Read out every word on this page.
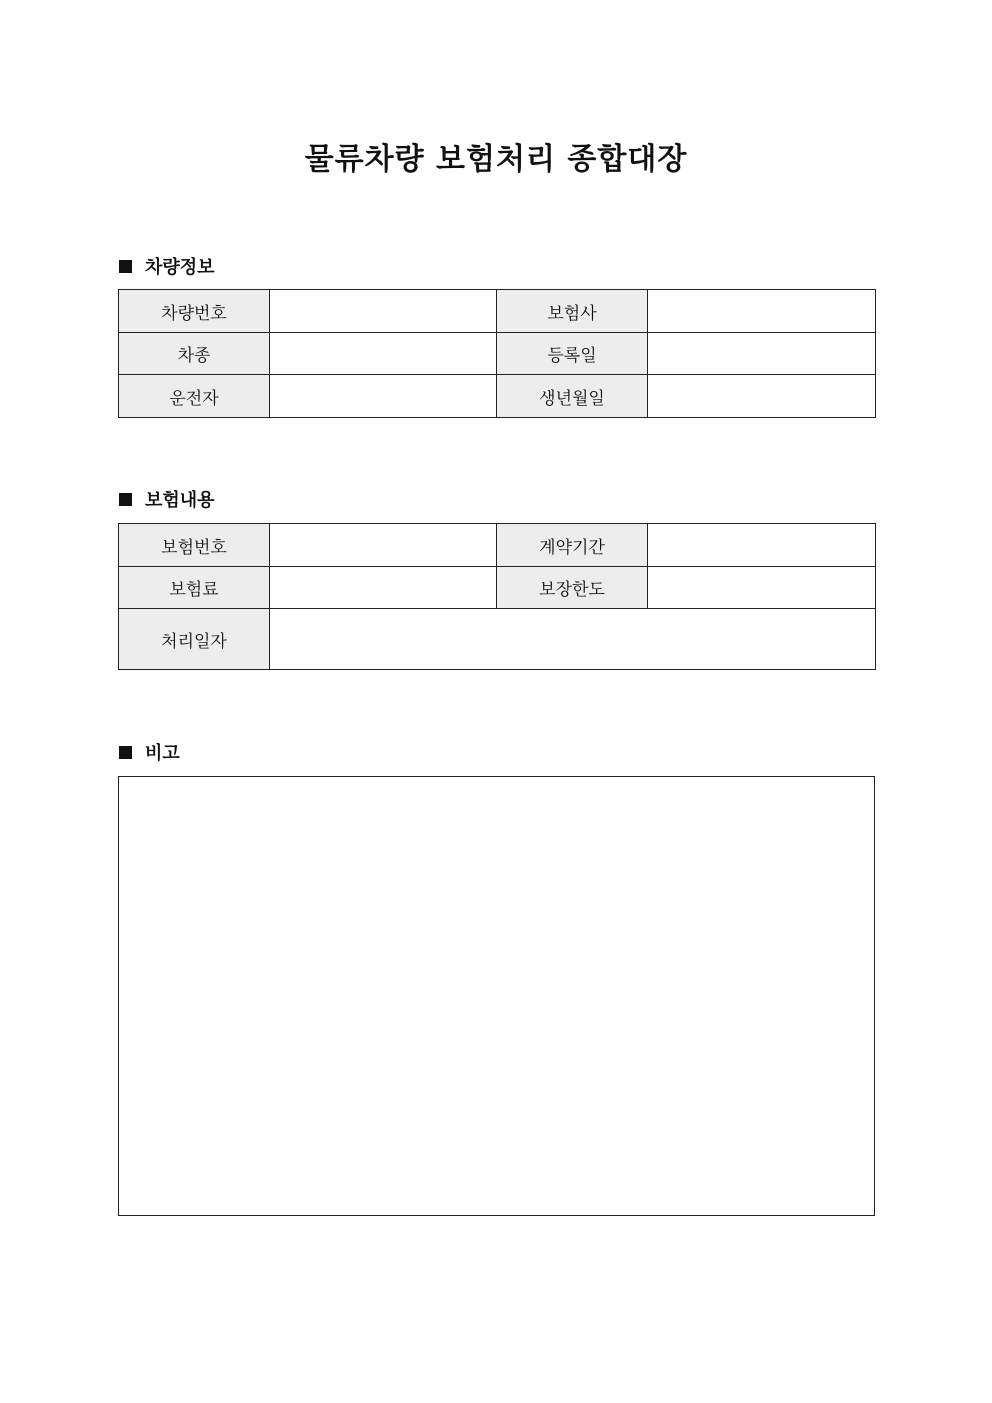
물류차량 보험처리 종합대장
차량정보
차량번호		보험사	
차종		등록일	
운전자		생년월일	
보험내용
보험번호		계약기간	
보험료		보장한도	
처리일자			
비고
